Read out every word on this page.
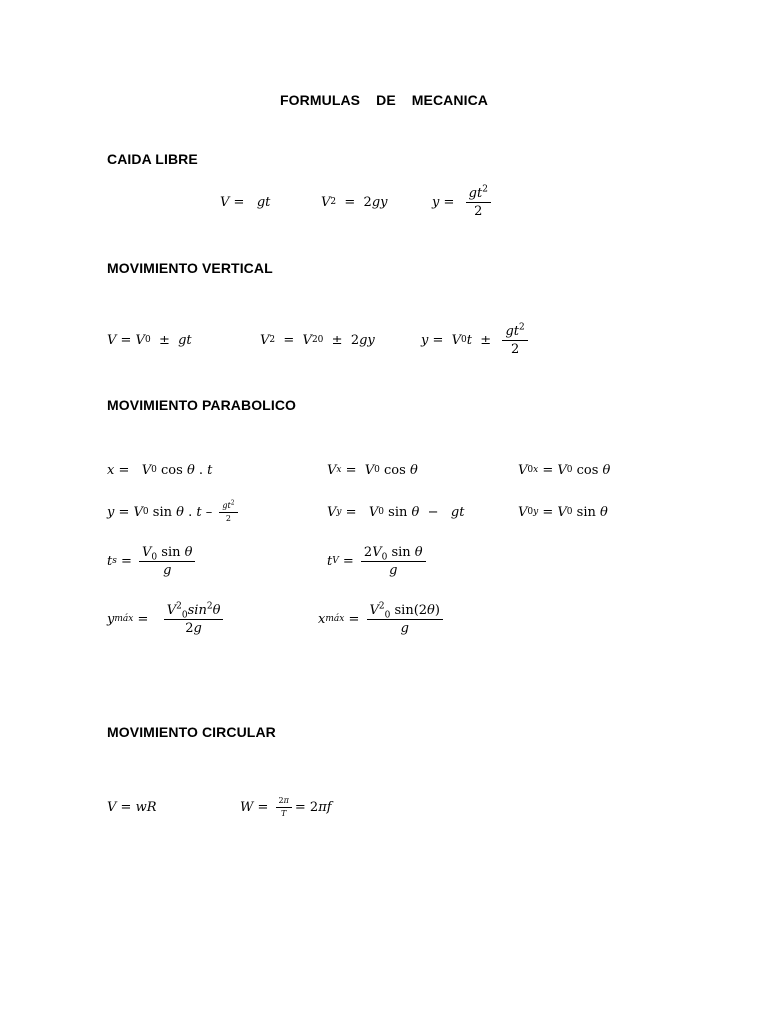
FORMULAS DE MECANICA
CAIDA LIBRE
V = gt	V 2 =  2 gy	$y = \frac{gt^2}{2}$
MOVIMIENTO VERTICAL
V = V 0 ± gt	V 2 = V 2 0 ±  2 gy	y = V 0 $t \pm \frac{gt^2}{2}$
MOVIMIENTO PARABOLICO
x = V 0 cos θ . t	V x = V 0 cos θ	V 0x = V 0 cos θ
y = V 0 sin θ . t – $\frac{gt^2}{2}$	V y = V 0 sin θ − gt	V 0y = V 0 sin θ
t $s = \frac{V_0 \sin \theta}{g}$	t $V = \frac{2V_0 \sin \theta}{g}$
y máx = $\frac{V^2_0\sin^2\theta}{2g}$	x máx = $\frac{V^2_0 \sin(2\theta)}{g}$
MOVIMIENTO CIRCULAR
V = wR	$W = \frac{2\pi}{T} = 2$ πf
